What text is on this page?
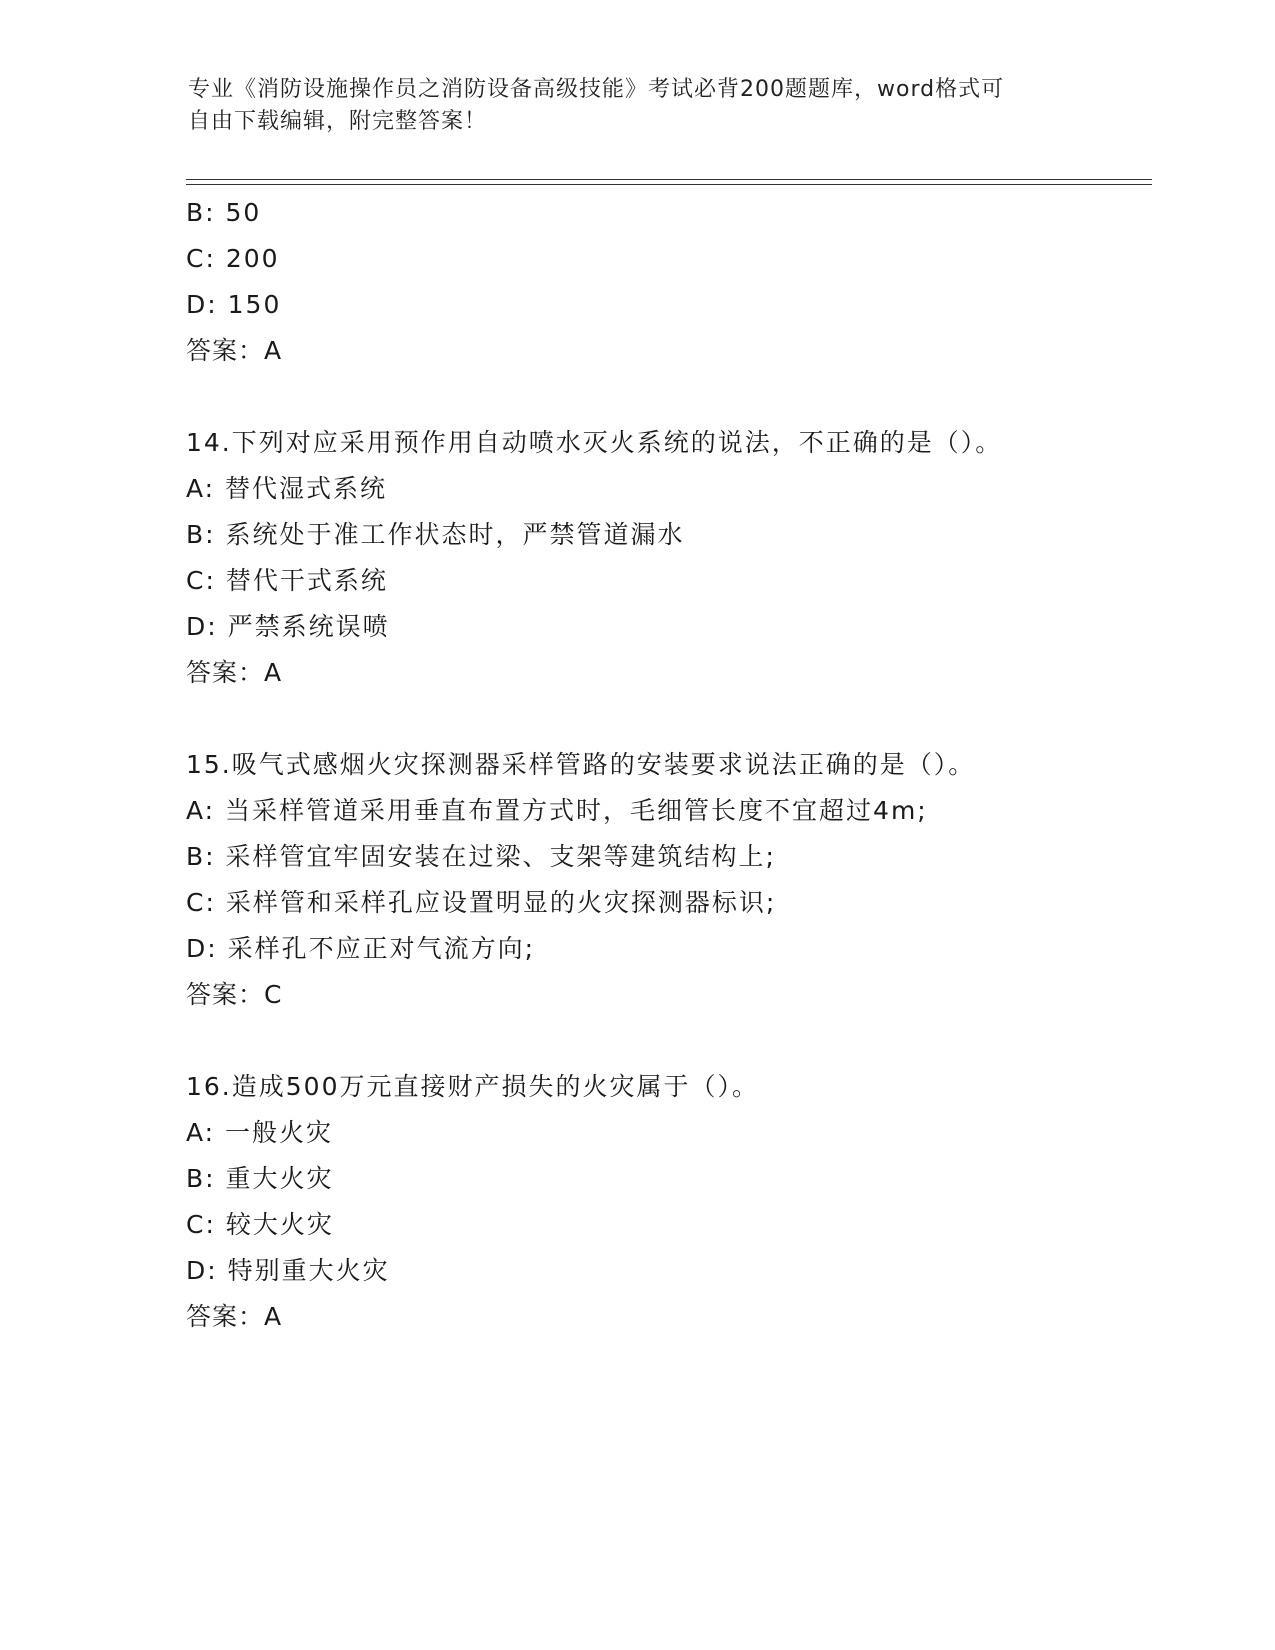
专业《消防设施操作员之消防设备高级技能》考试必背200题题库，word格式可
自由下载编辑，附完整答案！
B: 50
C: 200
D: 150
答案：A
14.下列对应采用预作用自动喷水灭火系统的说法，不正确的是（）。
A: 替代湿式系统
B: 系统处于准工作状态时，严禁管道漏水
C: 替代干式系统
D: 严禁系统误喷
答案：A
15.吸气式感烟火灾探测器采样管路的安装要求说法正确的是（）。
A: 当采样管道采用垂直布置方式时，毛细管长度不宜超过4m;
B: 采样管宜牢固安装在过梁、支架等建筑结构上;
C: 采样管和采样孔应设置明显的火灾探测器标识;
D: 采样孔不应正对气流方向;
答案：C
16.造成500万元直接财产损失的火灾属于（）。
A: 一般火灾
B: 重大火灾
C: 较大火灾
D: 特别重大火灾
答案：A
